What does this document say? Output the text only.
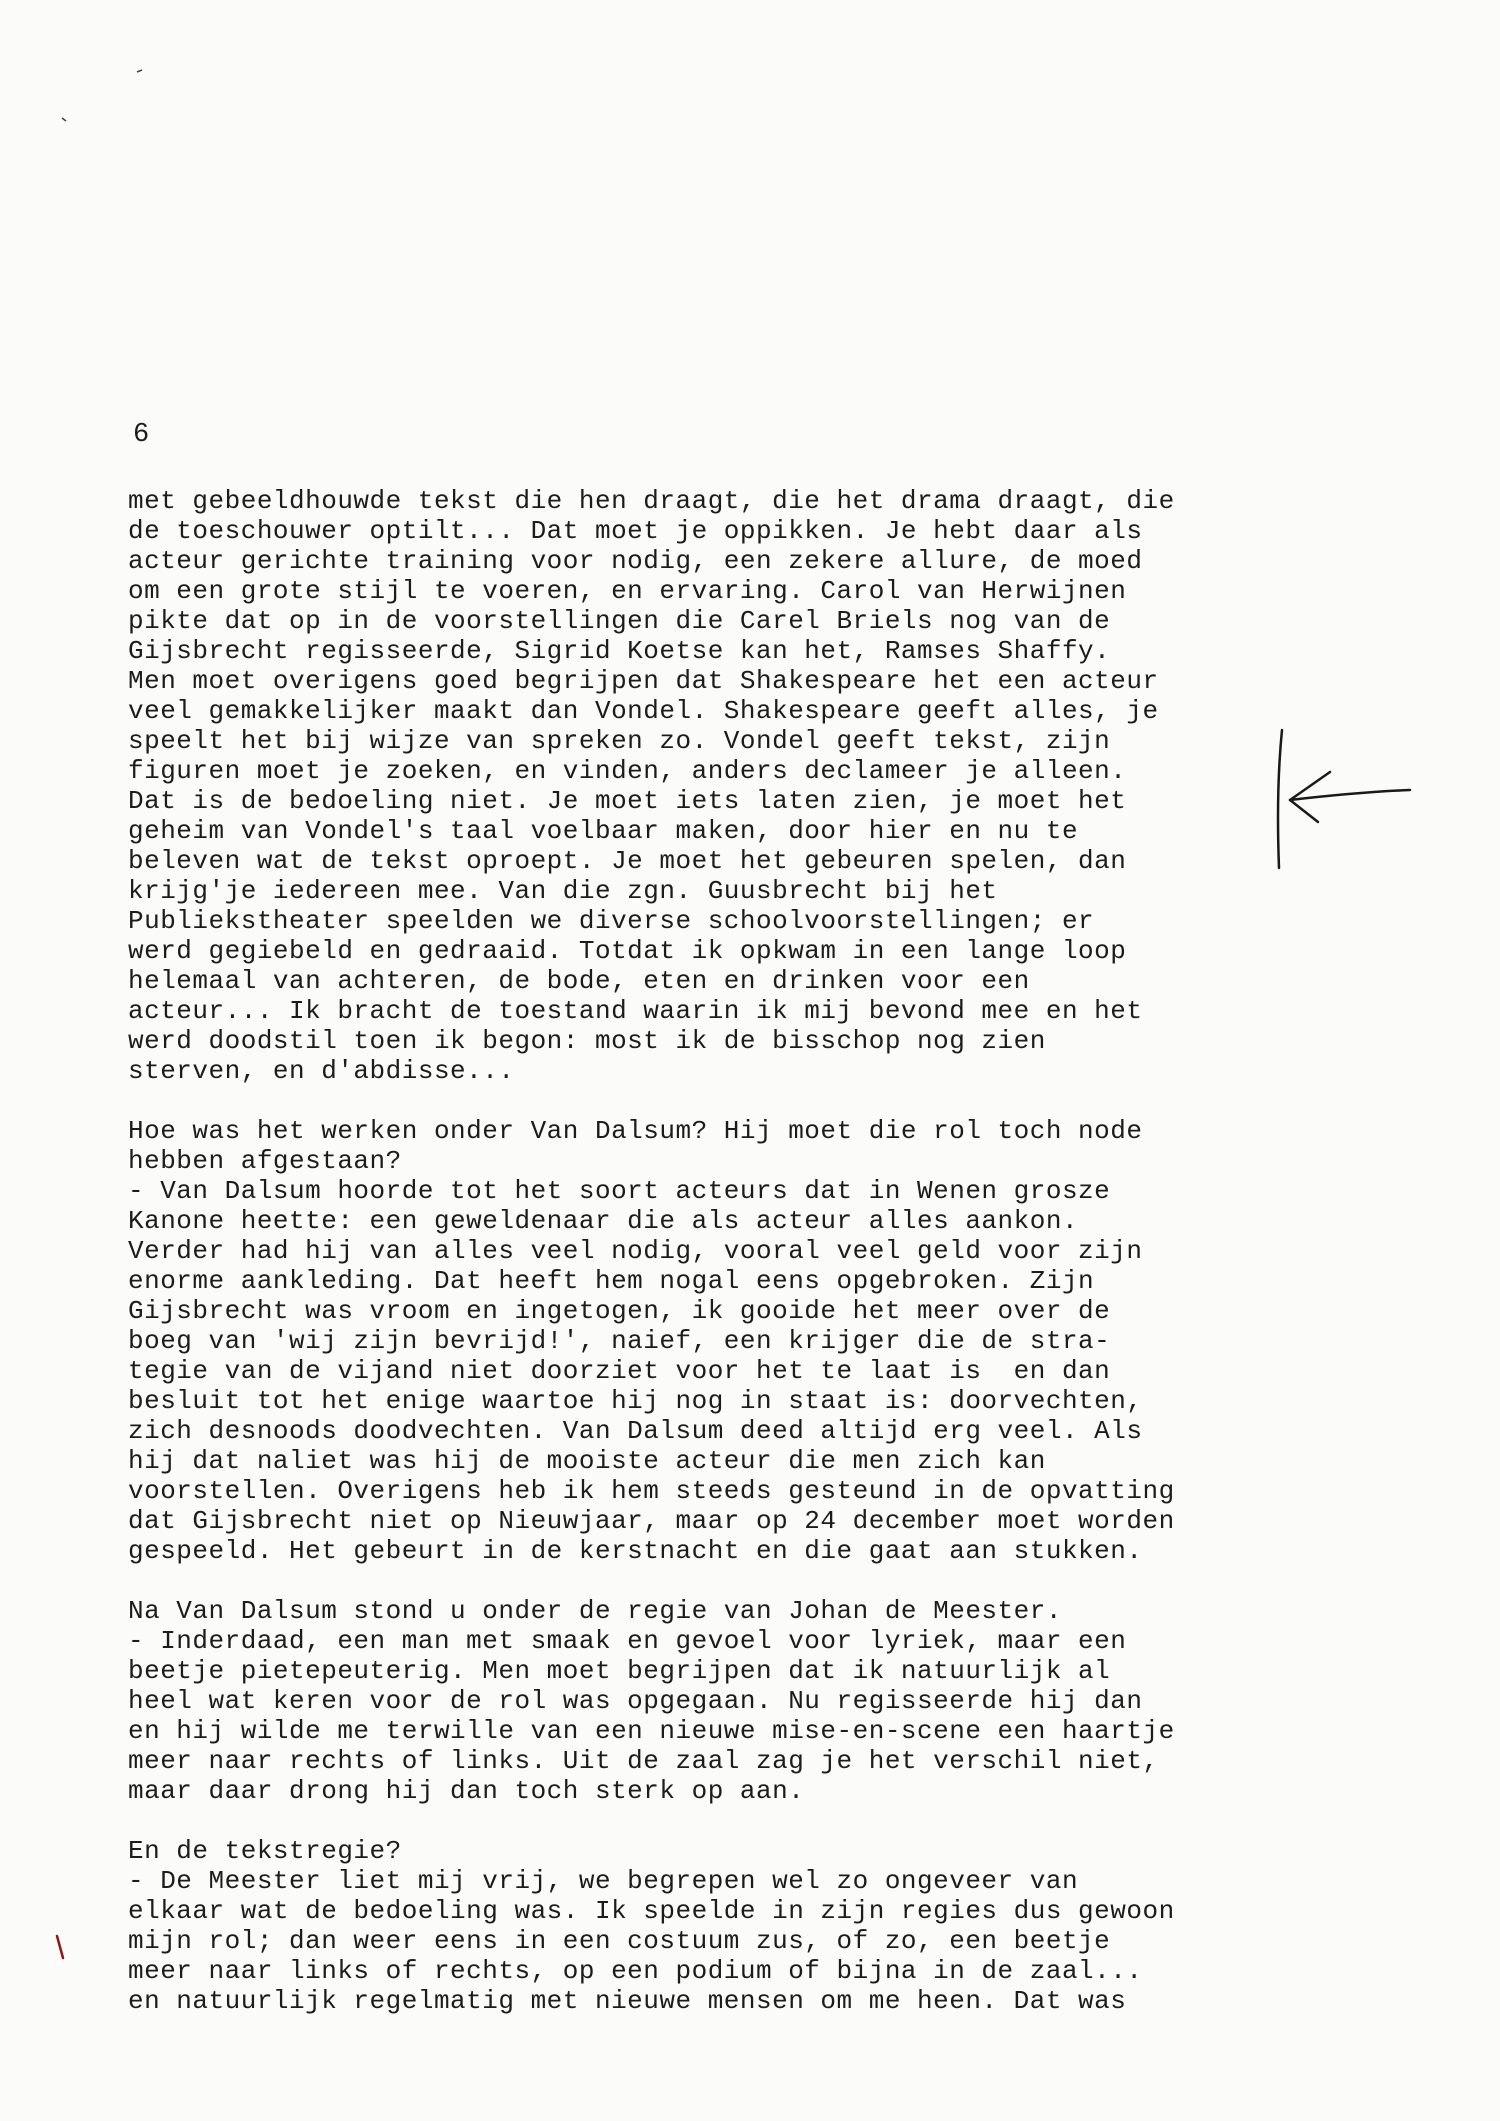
6
met gebeeldhouwde tekst die hen draagt, die het drama draagt, die
de toeschouwer optilt... Dat moet je oppikken. Je hebt daar als
acteur gerichte training voor nodig, een zekere allure, de moed
om een grote stijl te voeren, en ervaring. Carol van Herwijnen
pikte dat op in de voorstellingen die Carel Briels nog van de
Gijsbrecht regisseerde, Sigrid Koetse kan het, Ramses Shaffy.
Men moet overigens goed begrijpen dat Shakespeare het een acteur
veel gemakkelijker maakt dan Vondel. Shakespeare geeft alles, je
speelt het bij wijze van spreken zo. Vondel geeft tekst, zijn
figuren moet je zoeken, en vinden, anders declameer je alleen.
Dat is de bedoeling niet. Je moet iets laten zien, je moet het
geheim van Vondel's taal voelbaar maken, door hier en nu te
beleven wat de tekst oproept. Je moet het gebeuren spelen, dan
krijg'je iedereen mee. Van die zgn. Guusbrecht bij het
Publiekstheater speelden we diverse schoolvoorstellingen; er
werd gegiebeld en gedraaid. Totdat ik opkwam in een lange loop
helemaal van achteren, de bode, eten en drinken voor een
acteur... Ik bracht de toestand waarin ik mij bevond mee en het
werd doodstil toen ik begon: most ik de bisschop nog zien
sterven, en d'abdisse...
Hoe was het werken onder Van Dalsum? Hij moet die rol toch node
hebben afgestaan?
- Van Dalsum hoorde tot het soort acteurs dat in Wenen grosze
Kanone heette: een geweldenaar die als acteur alles aankon.
Verder had hij van alles veel nodig, vooral veel geld voor zijn
enorme aankleding. Dat heeft hem nogal eens opgebroken. Zijn
Gijsbrecht was vroom en ingetogen, ik gooide het meer over de
boeg van 'wij zijn bevrijd!', naief, een krijger die de stra-
tegie van de vijand niet doorziet voor het te laat is  en dan
besluit tot het enige waartoe hij nog in staat is: doorvechten,
zich desnoods doodvechten. Van Dalsum deed altijd erg veel. Als
hij dat naliet was hij de mooiste acteur die men zich kan
voorstellen. Overigens heb ik hem steeds gesteund in de opvatting
dat Gijsbrecht niet op Nieuwjaar, maar op 24 december moet worden
gespeeld. Het gebeurt in de kerstnacht en die gaat aan stukken.
Na Van Dalsum stond u onder de regie van Johan de Meester.
- Inderdaad, een man met smaak en gevoel voor lyriek, maar een
beetje pietepeuterig. Men moet begrijpen dat ik natuurlijk al
heel wat keren voor de rol was opgegaan. Nu regisseerde hij dan
en hij wilde me terwille van een nieuwe mise-en-scene een haartje
meer naar rechts of links. Uit de zaal zag je het verschil niet,
maar daar drong hij dan toch sterk op aan.
En de tekstregie?
- De Meester liet mij vrij, we begrepen wel zo ongeveer van
elkaar wat de bedoeling was. Ik speelde in zijn regies dus gewoon
mijn rol; dan weer eens in een costuum zus, of zo, een beetje
meer naar links of rechts, op een podium of bijna in de zaal...
en natuurlijk regelmatig met nieuwe mensen om me heen. Dat was
